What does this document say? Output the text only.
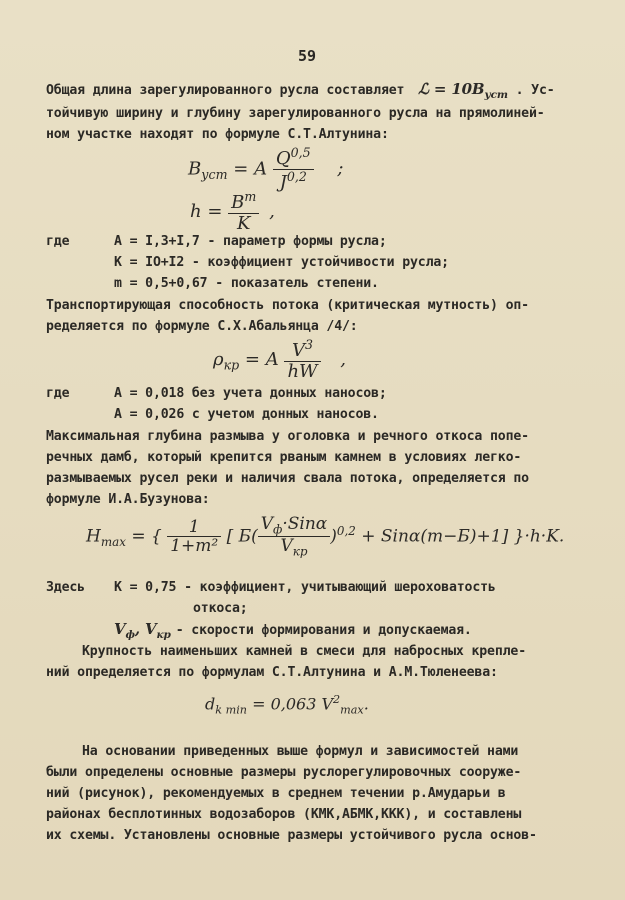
59
Общая длина зарегулированного русла составляет ℒ = $10B_{уст}$ . Ус-
тойчивую ширину и глубину зарегулированного русла на прямолиней-
ном участке находят по формуле С.Т.Алтунина:
$B_{уст} = A \frac{Q^{0,5}}{J^{0,2}}$ ;
$h = \frac{B^m}{K}$ ,
где	A = I,3+I,7 - параметр формы русла;
K = IO+I2 - коэффициент устойчивости русла;
m = 0,5+0,67 - показатель степени.
Транспортирующая способность потока (критическая мутность) оп-
ределяется по формуле С.Х.Абальянца /4/:
$\rho_{кр} = A \frac{V^3}{hW}$ ,
где	A = 0,018 без учета донных наносов;
A = 0,026 с учетом донных наносов.
Максимальная глубина размыва у оголовка и речного откоса попе-
речных дамб, который крепится рваным камнем в условиях легко-
размываемых русел реки и наличия свала потока, определяется по
формуле И.А.Бузунова:
$H_{max}$ = { $\frac{1}{\text{1+m²}}$ [ $Б( \frac{V_ф\cdot Sin\alpha}{V_{кр}} )^{0,2} + Sin\alpha(m-Б)+1$] }·h·K.
Здесь	K = 0,75 - коэффициент, учитывающий шероховатость
откоса;
$V_ф$, $V_{кр}$ - скорости формирования и допускаемая.
Крупность наименьших камней в смеси для набросных крепле-
ний определяется по формулам С.Т.Алтунина и А.М.Тюленеева:
$d_{k min} = 0,063$ $V^2_{max}$.
На основании приведенных выше формул и зависимостей нами
были определены основные размеры руслорегулировочных сооруже-
ний (рисунок), рекомендуемых в среднем течении р.Амударьи в
районах бесплотинных водозаборов (КМК,АБМК,ККК), и составлены
их схемы. Установлены основные размеры устойчивого русла основ-
